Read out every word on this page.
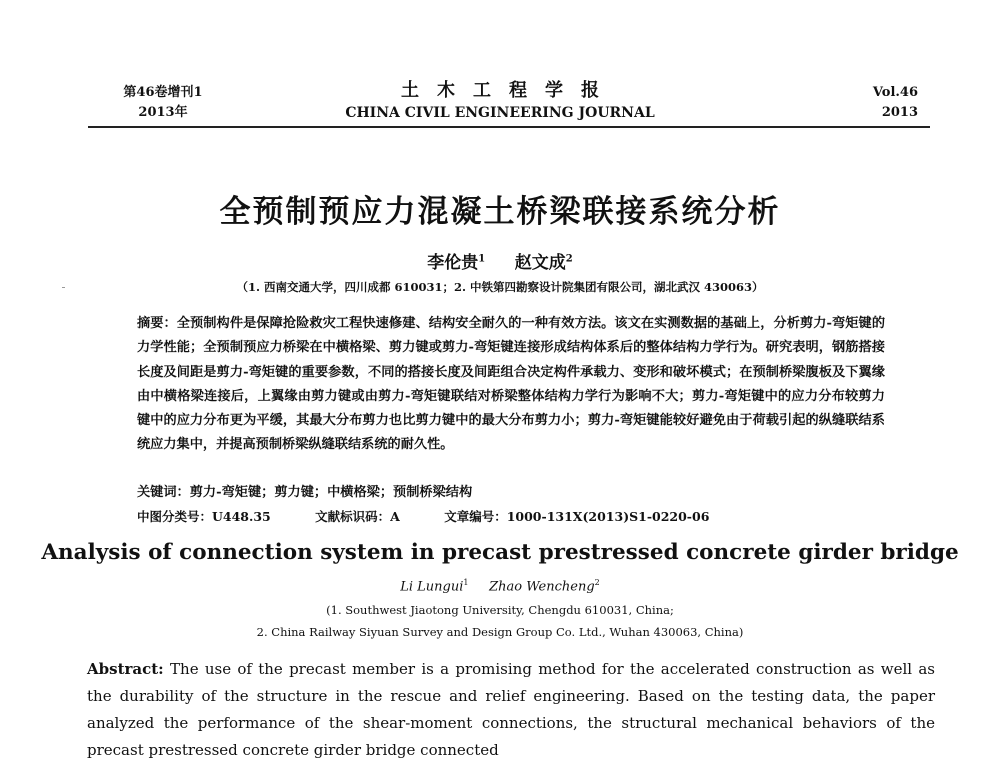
第46卷增刊1
2013年
土木工程学报
CHINA CIVIL ENGINEERING JOURNAL
Vol.46
2013
全预制预应力混凝土桥梁联接系统分析
李伦贵$^1$ 赵文成$^2$
（1. 西南交通大学，四川成都 610031；2. 中铁第四勘察设计院集团有限公司，湖北武汉 430063）
摘要：全预制构件是保障抢险救灾工程快速修建、结构安全耐久的一种有效方法。该文在实测数据的基础上，分析剪力-弯矩键的力学性能；全预制预应力桥梁在中横格梁、剪力键或剪力-弯矩键连接形成结构体系后的整体结构力学行为。研究表明，钢筋搭接长度及间距是剪力-弯矩键的重要参数，不同的搭接长度及间距组合决定构件承载力、变形和破坏模式；在预制桥梁腹板及下翼缘由中横格梁连接后，上翼缘由剪力键或由剪力-弯矩键联结对桥梁整体结构力学行为影响不大；剪力-弯矩键中的应力分布较剪力键中的应力分布更为平缓，其最大分布剪力也比剪力键中的最大分布剪力小；剪力-弯矩键能较好避免由于荷载引起的纵缝联结系统应力集中，并提高预制桥梁纵缝联结系统的耐久性。
关键词：剪力-弯矩键；剪力键；中横格梁；预制桥梁结构
中图分类号：U448.35	文献标识码：A	文章编号：1000-131X(2013)S1-0220-06
Analysis of connection system in precast prestressed concrete girder bridge
Li Lungui$^1$ Zhao Wencheng$^2$
(1. Southwest Jiaotong University, Chengdu 610031, China;
2. China Railway Siyuan Survey and Design Group Co. Ltd., Wuhan 430063, China)
Abstract: The use of the precast member is a promising method for the accelerated construction as well as the durability of the structure in the rescue and relief engineering. Based on the testing data, the paper analyzed the performance of the shear-moment connections, the structural mechanical behaviors of the precast prestressed concrete girder bridge connected
